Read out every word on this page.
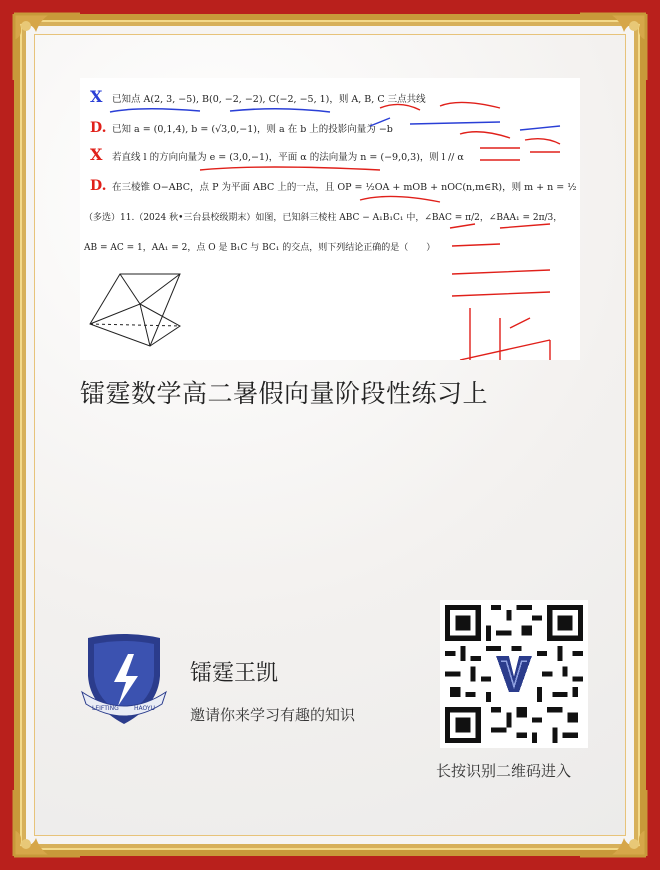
X 已知点 A(2, 3, −5), B(0, −2, −2), C(−2, −5, 1)，则 A, B, C 三点共线
D. 已知 a = (0,1,4), b = (√3,0,−1)，则 a 在 b 上的投影向量为 −b
X 若直线 l 的方向向量为 e = (3,0,−1)，平面 α 的法向量为 n = (−9,0,3)，则 l // α
D. 在三棱锥 O−ABC，点 P 为平面 ABC 上的一点，且 OP = ½OA + mOB + nOC(n,m∈R)，则 m + n = ½
（多选）11.（2024 秋•三台县校级期末）如图，已知斜三棱柱 ABC − A₁B₁C₁ 中，∠BAC = π/2，∠BAA₁ = 2π/3，
AB = AC = 1，AA₁ = 2，点 O 是 B₁C 与 BC₁ 的交点，则下列结论正确的是（　　）
镭霆数学高二暑假向量阶段性练习上
LEIFTING	HAOYU
镭霆王凯
邀请你来学习有趣的知识
长按识别二维码进入
